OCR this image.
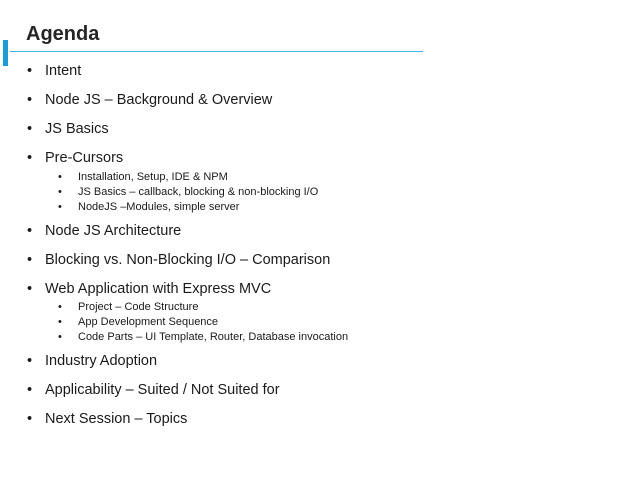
Agenda
• Intent
• Node JS – Background & Overview
• JS Basics
• Pre-Cursors
• Installation, Setup, IDE & NPM
• JS Basics – callback, blocking & non-blocking I/O
• NodeJS –Modules, simple server
• Node JS Architecture
• Blocking vs. Non-Blocking I/O – Comparison
• Web Application with Express MVC
• Project – Code Structure
• App Development Sequence
• Code Parts – UI Template, Router, Database invocation
• Industry Adoption
• Applicability – Suited / Not Suited for
• Next Session – Topics
